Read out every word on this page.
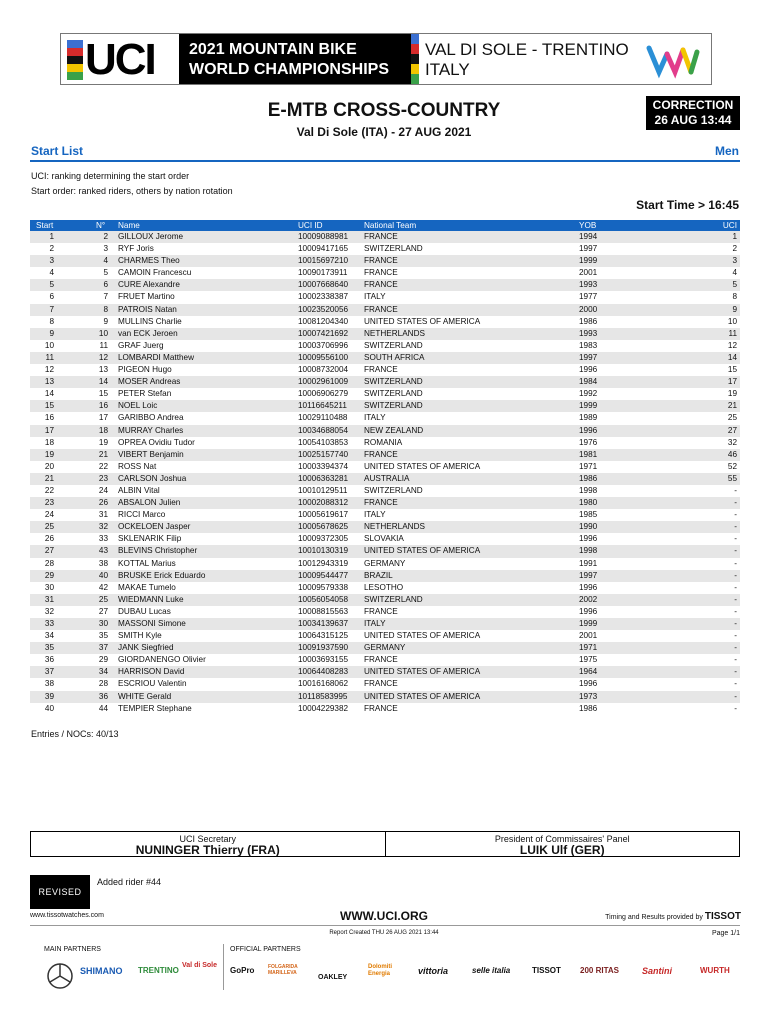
UCI 2021 MOUNTAIN BIKE
WORLD CHAMPIONSHIPS
VAL DI SOLE - TRENTINO
ITALY
E-MTB CROSS-COUNTRY
Val Di Sole (ITA) - 27 AUG 2021
CORRECTION
26 AUG 13:44
Start List	Men
UCI: ranking determining the start order
Start order: ranked riders, others by nation rotation
Start Time > 16:45
Start	N° Name	UCI ID	National Team	YOB	UCI
1	2 GILLOUX Jerome	10009088981 FRANCE	1994	1
2	3 RYF Joris	10009417165 SWITZERLAND	1997	2
3	4 CHARMES Theo	10015697210 FRANCE	1999	3
4	5 CAMOIN Francescu	10090173911 FRANCE	2001	4
5	6 CURE Alexandre	10007668640 FRANCE	1993	5
6	7 FRUET Martino	10002338387 ITALY	1977	8
7	8 PATROIS Natan	10023520056 FRANCE	2000	9
8	9 MULLINS Charlie	10081204340 UNITED STATES OF AMERICA	1986	10
9	10 van ECK Jeroen	10007421692 NETHERLANDS	1993	11
10	11 GRAF Juerg	10003706996 SWITZERLAND	1983	12
11	12 LOMBARDI Matthew	10009556100 SOUTH AFRICA	1997	14
12	13 PIGEON Hugo	10008732004 FRANCE	1996	15
13	14 MOSER Andreas	10002961009 SWITZERLAND	1984	17
14	15 PETER Stefan	10006906279 SWITZERLAND	1992	19
15	16 NOEL Loic	10116645211 SWITZERLAND	1999	21
16	17 GARIBBO Andrea	10029110488 ITALY	1989	25
17	18 MURRAY Charles	10034688054 NEW ZEALAND	1996	27
18	19 OPREA Ovidiu Tudor	10054103853 ROMANIA	1976	32
19	21 VIBERT Benjamin	10025157740 FRANCE	1981	46
20	22 ROSS Nat	10003394374 UNITED STATES OF AMERICA	1971	52
21	23 CARLSON Joshua	10006363281 AUSTRALIA	1986	55
22	24 ALBIN Vital	10010129511 SWITZERLAND	1998	-
23	26 ABSALON Julien	10002088312 FRANCE	1980	-
24	31 RICCI Marco	10005619617 ITALY	1985	-
25	32 OCKELOEN Jasper	10005678625 NETHERLANDS	1990	-
26	33 SKLENARIK Filip	10009372305 SLOVAKIA	1996	-
27	43 BLEVINS Christopher	10010130319 UNITED STATES OF AMERICA	1998	-
28	38 KOTTAL Marius	10012943319 GERMANY	1991	-
29	40 BRUSKE Erick Eduardo	10009544477 BRAZIL	1997	-
30	42 MAKAE Tumelo	10009579338 LESOTHO	1996	-
31	25 WIEDMANN Luke	10056054058 SWITZERLAND	2002	-
32	27 DUBAU Lucas	10008815563 FRANCE	1996	-
33	30 MASSONI Simone	10034139637 ITALY	1999	-
34	35 SMITH Kyle	10064315125 UNITED STATES OF AMERICA	2001	-
35	37 JANK Siegfried	10091937590 GERMANY	1971	-
36	29 GIORDANENGO Olivier	10003693155 FRANCE	1975	-
37	34 HARRISON David	10064408283 UNITED STATES OF AMERICA	1964	-
38	28 ESCRIOU Valentin	10016168062 FRANCE	1996	-
39	36 WHITE Gerald	10118583995 UNITED STATES OF AMERICA	1973	-
40	44 TEMPIER Stephane	10004229382 FRANCE	1986	-
Entries / NOCs: 40/13
UCI Secretary
NUNINGER Thierry (FRA)
President of Commissaires' Panel
LUIK Ulf (GER)
REVISED
Added rider #44
www.tissotwatches.com	WWW.UCI.ORG	Timing and Results provided by TISSOT
Report Created THU 26 AUG 2021 13:44	Page 1/1
MAIN PARTNERS	OFFICIAL PARTNERS
SHIMANO TRENTINO
Val di Sole
GoPro	FOLGARIDA MARILLEVA
OAKLEY
Dolomiti Energia	vittoria	selle italia	TISSOT 200 RITAS	Santini	WURTH
